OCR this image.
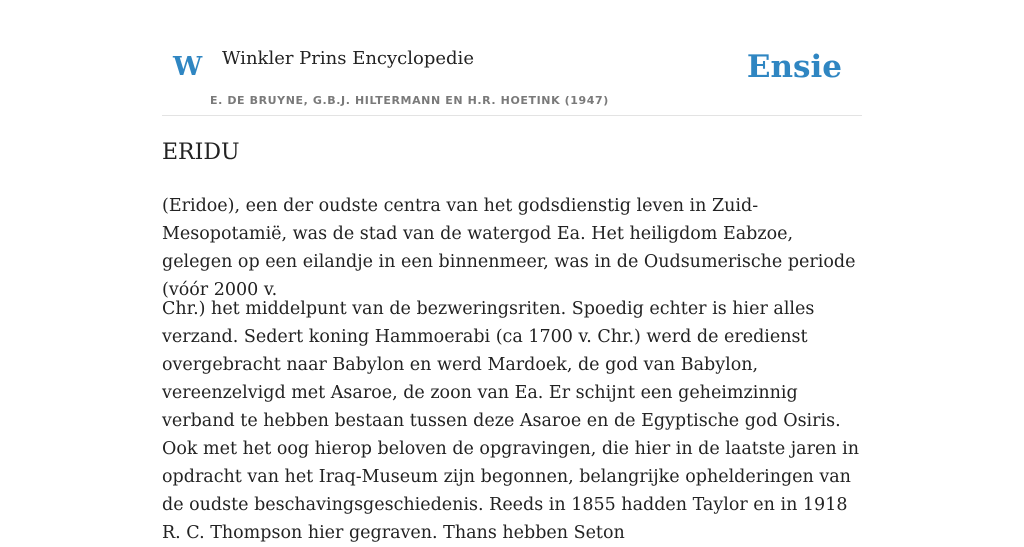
W Winkler Prins Encyclopedie
E. DE BRUYNE, G.B.J. HILTERMANN EN H.R. HOETINK (1947)
Ensie
ERIDU

(Eridoe), een der oudste centra van het godsdienstig leven in Zuid-Mesopotamië, was de stad van de watergod Ea. Het heiligdom Eabzoe, gelegen op een eilandje in een binnenmeer, was in de Oudsumerische periode (vóór 2000 v.

Chr.) het middelpunt van de bezweringsriten. Spoedig echter is hier alles verzand. Sedert koning Hammoerabi (ca 1700 v. Chr.) werd de eredienst overgebracht naar Babylon en werd Mardoek, de god van Babylon, vereenzelvigd met Asaroe, de zoon van Ea. Er schijnt een geheimzinnig verband te hebben bestaan tussen deze Asaroe en de Egyptische god Osiris. Ook met het oog hierop beloven de opgravingen, die hier in de laatste jaren in opdracht van het Iraq-Museum zijn begonnen, belangrijke ophelderingen van de oudste beschavingsgeschiedenis. Reeds in 1855 hadden Taylor en in 1918 R. C. Thompson hier gegraven. Thans hebben Seton
